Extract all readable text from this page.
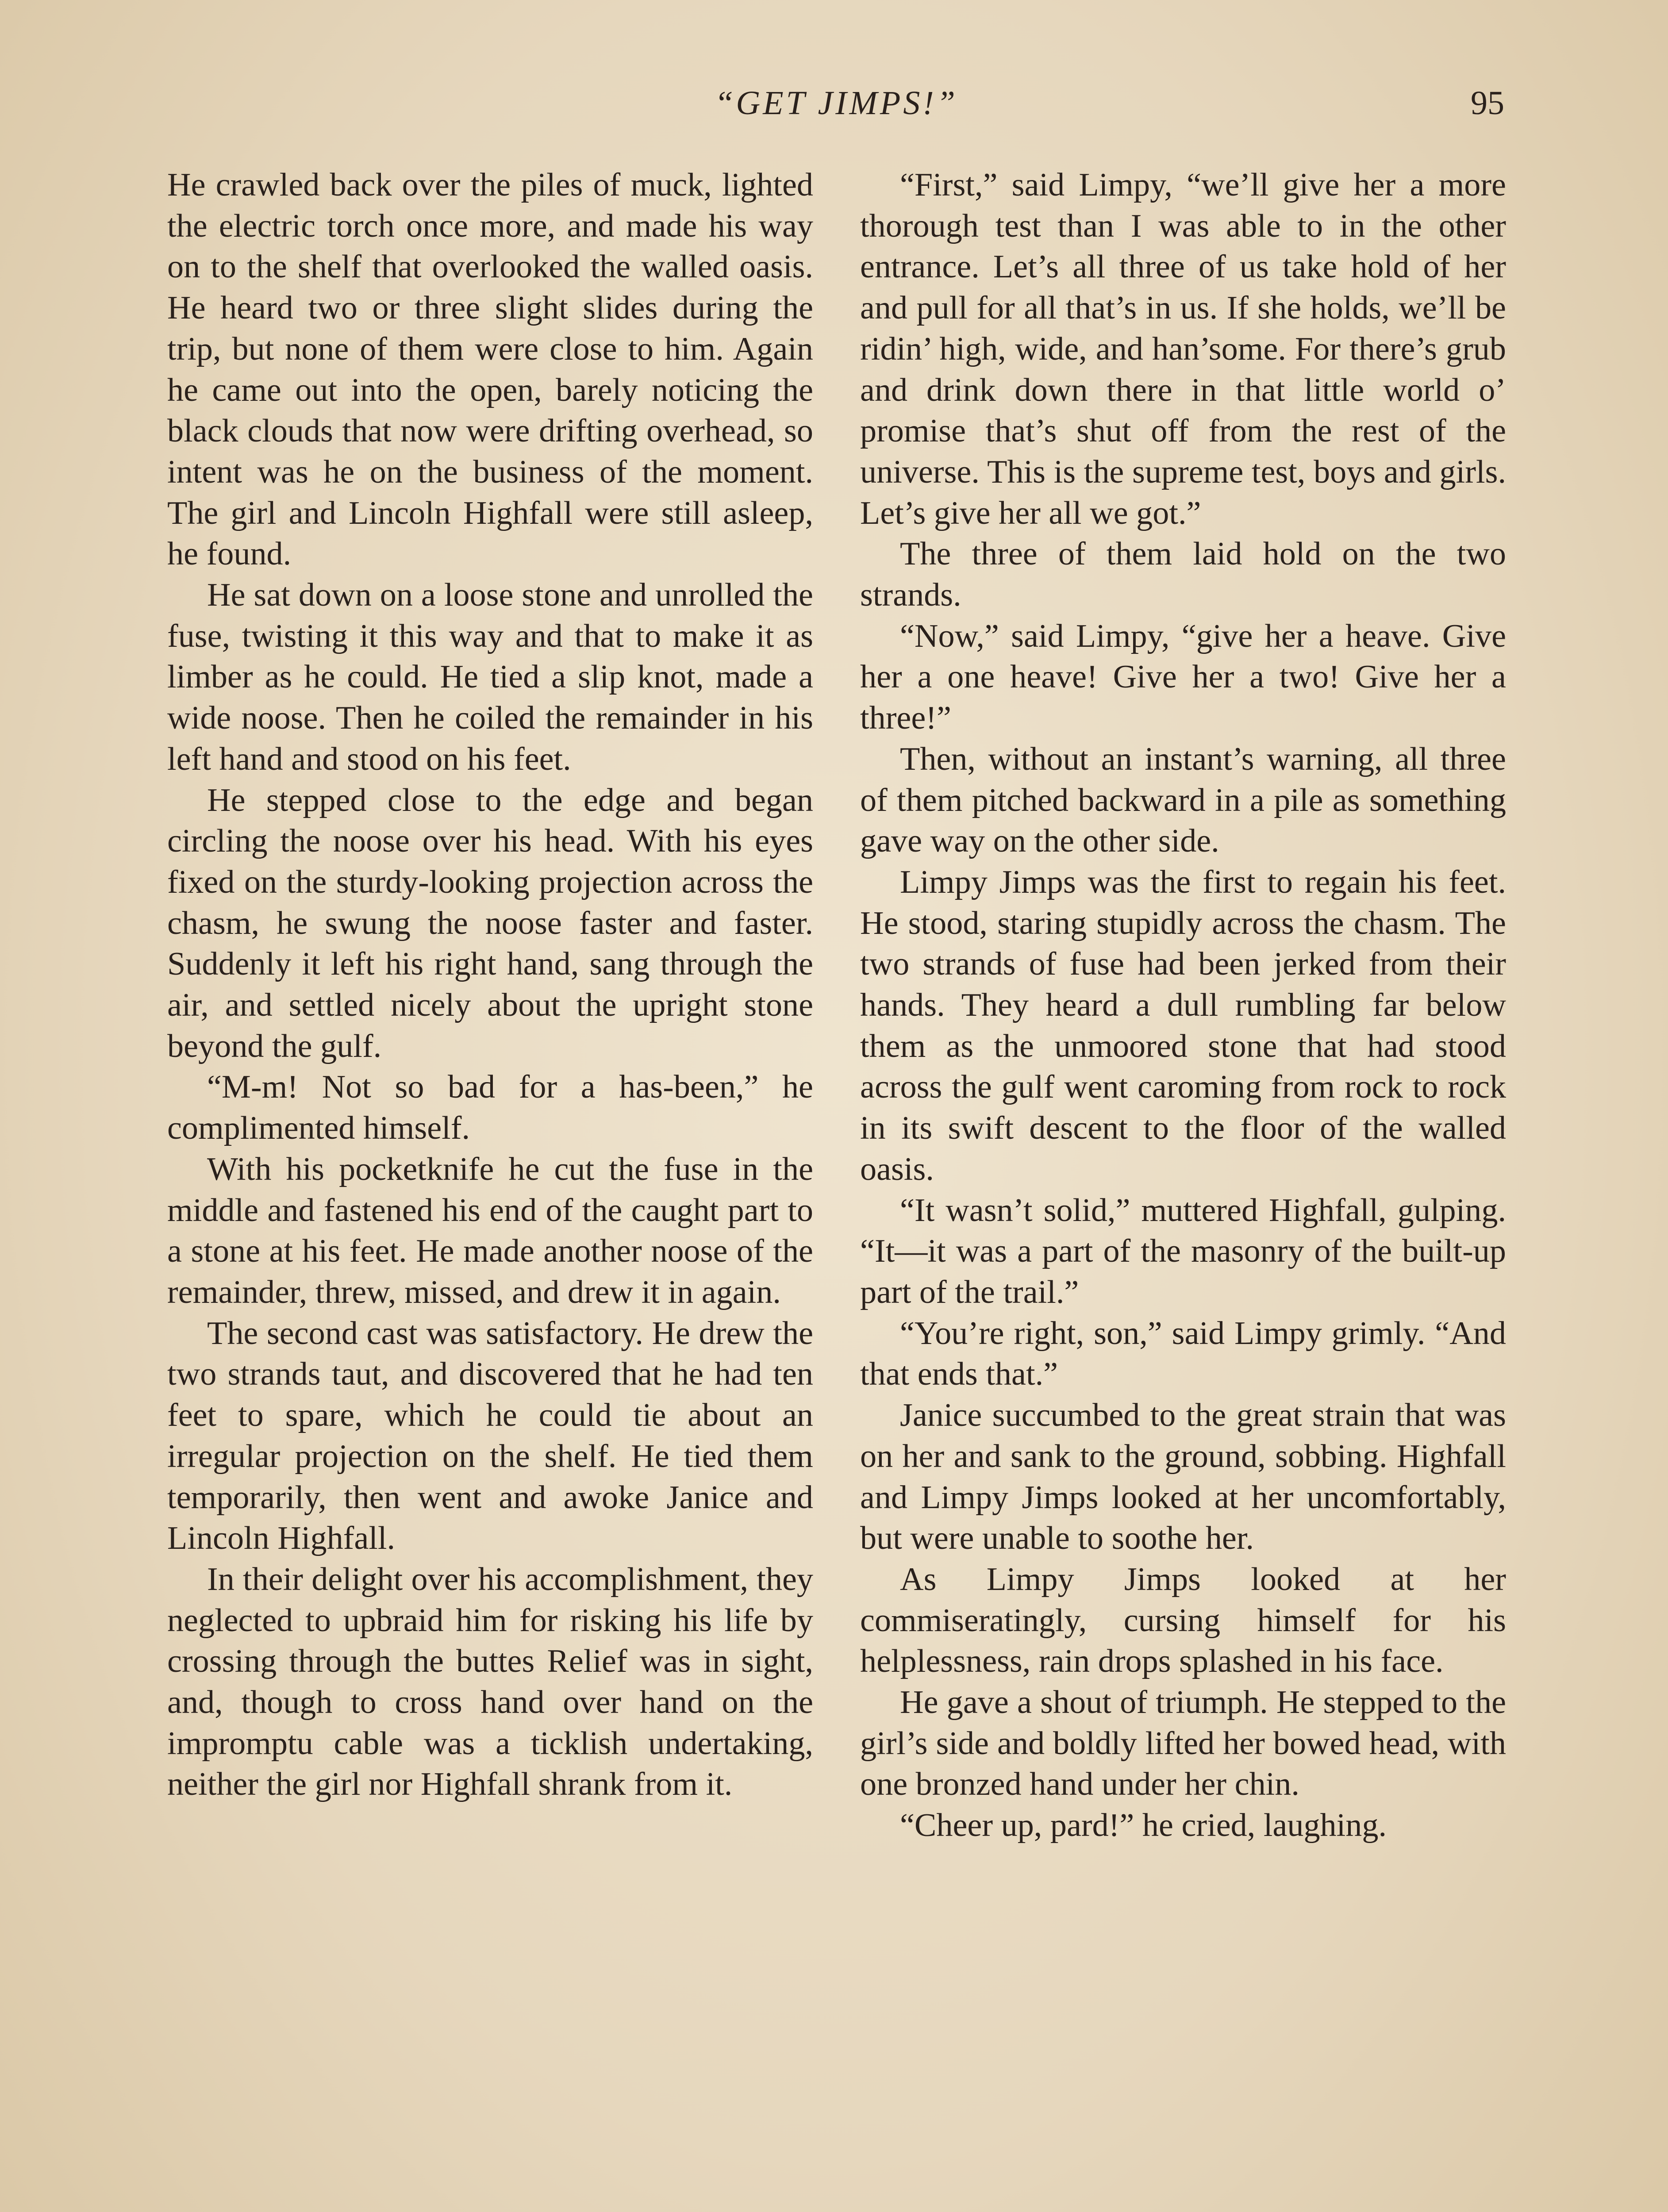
“GET JIMPS!”	95

He crawled back over the piles of muck, lighted the electric torch once more, and made his way on to the shelf that overlooked the walled oasis. He heard two or three slight slides during the trip, but none of them were close to him. Again he came out into the open, barely noticing the black clouds that now were drifting overhead, so intent was he on the business of the moment. The girl and Lincoln Highfall were still asleep, he found.

He sat down on a loose stone and unrolled the fuse, twisting it this way and that to make it as limber as he could. He tied a slip knot, made a wide noose. Then he coiled the remainder in his left hand and stood on his feet.

He stepped close to the edge and began circling the noose over his head. With his eyes fixed on the sturdy-looking projection across the chasm, he swung the noose faster and faster. Suddenly it left his right hand, sang through the air, and settled nicely about the upright stone beyond the gulf.

“M-m! Not so bad for a has-been,” he complimented himself.

With his pocketknife he cut the fuse in the middle and fastened his end of the caught part to a stone at his feet. He made another noose of the remainder, threw, missed, and drew it in again.

The second cast was satisfactory. He drew the two strands taut, and discovered that he had ten feet to spare, which he could tie about an irregular projection on the shelf. He tied them temporarily, then went and awoke Janice and Lincoln Highfall.

In their delight over his accomplishment, they neglected to upbraid him for risking his life by crossing through the buttes Relief was in sight, and, though to cross hand over hand on the impromptu cable was a ticklish undertaking, neither the girl nor Highfall shrank from it.

“First,” said Limpy, “we’ll give her a more thorough test than I was able to in the other entrance. Let’s all three of us take hold of her and pull for all that’s in us. If she holds, we’ll be ridin’ high, wide, and han’some. For there’s grub and drink down there in that little world o’ promise that’s shut off from the rest of the universe. This is the supreme test, boys and girls. Let’s give her all we got.”

The three of them laid hold on the two strands.

“Now,” said Limpy, “give her a heave. Give her a one heave! Give her a two! Give her a three!”

Then, without an instant’s warning, all three of them pitched backward in a pile as something gave way on the other side.

Limpy Jimps was the first to regain his feet. He stood, staring stupidly across the chasm. The two strands of fuse had been jerked from their hands. They heard a dull rumbling far below them as the unmoored stone that had stood across the gulf went caroming from rock to rock in its swift descent to the floor of the walled oasis.

“It wasn’t solid,” muttered Highfall, gulping. “It—it was a part of the masonry of the built-up part of the trail.”

“You’re right, son,” said Limpy grimly. “And that ends that.”

Janice succumbed to the great strain that was on her and sank to the ground, sobbing. Highfall and Limpy Jimps looked at her uncomfortably, but were unable to soothe her.

As Limpy Jimps looked at her commiseratingly, cursing himself for his helplessness, rain drops splashed in his face.

He gave a shout of triumph. He stepped to the girl’s side and boldly lifted her bowed head, with one bronzed hand under her chin.

“Cheer up, pard!” he cried, laughing.
